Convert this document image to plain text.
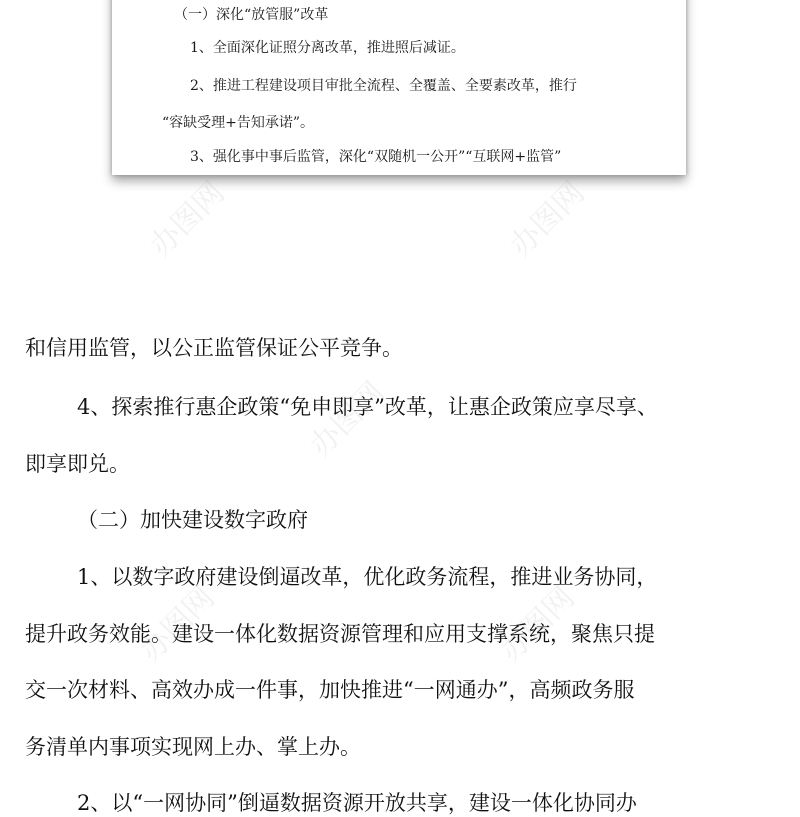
（一）深化“放管服”改革
1、全面深化证照分离改革，推进照后减证。
2、推进工程建设项目审批全流程、全覆盖、全要素改革，推行
“容缺受理+告知承诺”。
3、强化事中事后监管，深化“双随机一公开”“互联网+监管”
办图网	办图网
办图网
办图网	办图网
和信用监管，以公正监管保证公平竞争。
4、探索推行惠企政策“免申即享”改革，让惠企政策应享尽享、
即享即兑。
（二）加快建设数字政府
1、以数字政府建设倒逼改革，优化政务流程，推进业务协同，
提升政务效能。建设一体化数据资源管理和应用支撑系统，聚焦只提
交一次材料、高效办成一件事，加快推进“一网通办”，高频政务服
务清单内事项实现网上办、掌上办。
2、以“一网协同”倒逼数据资源开放共享，建设一体化协同办
